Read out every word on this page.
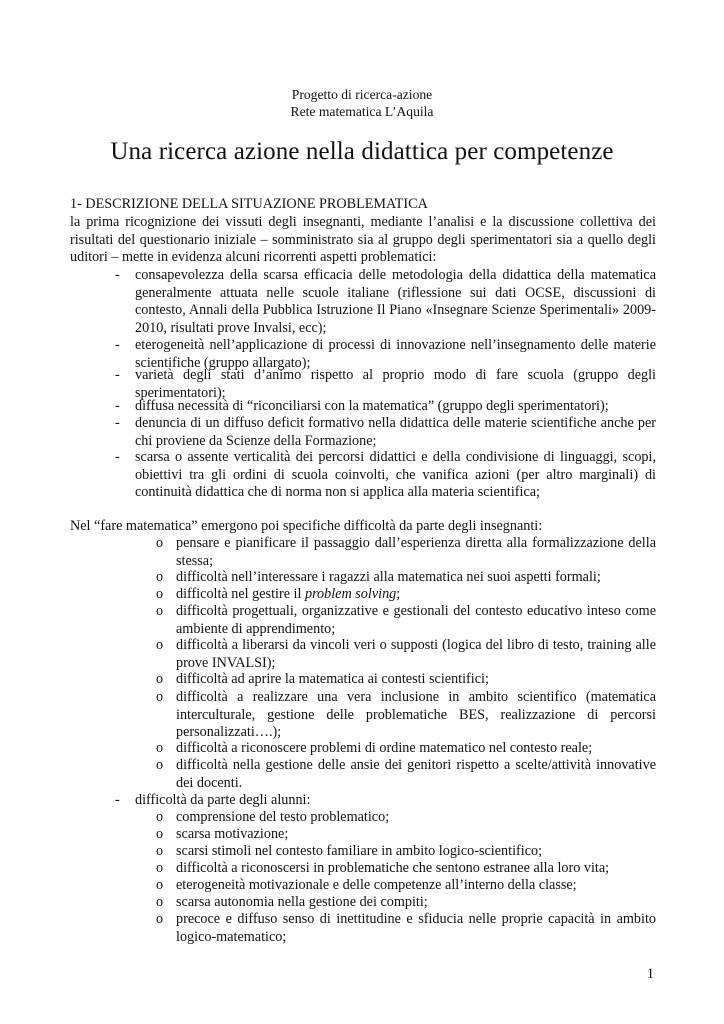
Progetto di ricerca-azione
Rete matematica L’Aquila
Una ricerca azione nella didattica per competenze
1- DESCRIZIONE DELLA SITUAZIONE PROBLEMATICA
la prima ricognizione dei vissuti degli insegnanti, mediante l’analisi e la discussione collettiva dei risultati del questionario iniziale – somministrato sia al gruppo degli sperimentatori sia a quello degli uditori – mette in evidenza alcuni ricorrenti aspetti problematici:
- consapevolezza della scarsa efficacia delle metodologia della didattica della matematica generalmente attuata nelle scuole italiane (riflessione sui dati OCSE, discussioni di contesto, Annali della Pubblica Istruzione Il Piano «Insegnare Scienze Sperimentali» 2009-2010, risultati prove Invalsi, ecc);
- eterogeneità nell’applicazione di processi di innovazione nell’insegnamento delle materie scientifiche (gruppo allargato);
- varietà degli stati d’animo rispetto al proprio modo di fare scuola (gruppo degli sperimentatori);
- diffusa necessità di “riconciliarsi con la matematica” (gruppo degli sperimentatori);
- denuncia di un diffuso deficit formativo nella didattica delle materie scientifiche anche per chi proviene da Scienze della Formazione;
- scarsa o assente verticalità dei percorsi didattici e della condivisione di linguaggi, scopi, obiettivi tra gli ordini di scuola coinvolti, che vanifica azioni (per altro marginali) di continuità didattica che di norma non si applica alla materia scientifica;
Nel “fare matematica” emergono poi specifiche difficoltà da parte degli insegnanti:
o pensare e pianificare il passaggio dall’esperienza diretta alla formalizzazione della stessa;
o difficoltà nell’interessare i ragazzi alla matematica nei suoi aspetti formali;
o difficoltà nel gestire il problem solving;
o difficoltà progettuali, organizzative e gestionali del contesto educativo inteso come ambiente di apprendimento;
o difficoltà a liberarsi da vincoli veri o supposti (logica del libro di testo, training alle prove INVALSI);
o difficoltà ad aprire la matematica ai contesti scientifici;
o difficoltà a realizzare una vera inclusione in ambito scientifico (matematica interculturale, gestione delle problematiche BES, realizzazione di percorsi personalizzati….);
o difficoltà a riconoscere problemi di ordine matematico nel contesto reale;
o difficoltà nella gestione delle ansie dei genitori rispetto a scelte/attività innovative dei docenti.
- difficoltà da parte degli alunni:
o comprensione del testo problematico;
o scarsa motivazione;
o scarsi stimoli nel contesto familiare in ambito logico-scientifico;
o difficoltà a riconoscersi in problematiche che sentono estranee alla loro vita;
o eterogeneità motivazionale e delle competenze all’interno della classe;
o scarsa autonomia nella gestione dei compiti;
o precoce e diffuso senso di inettitudine e sfiducia nelle proprie capacità in ambito logico-matematico;
1
